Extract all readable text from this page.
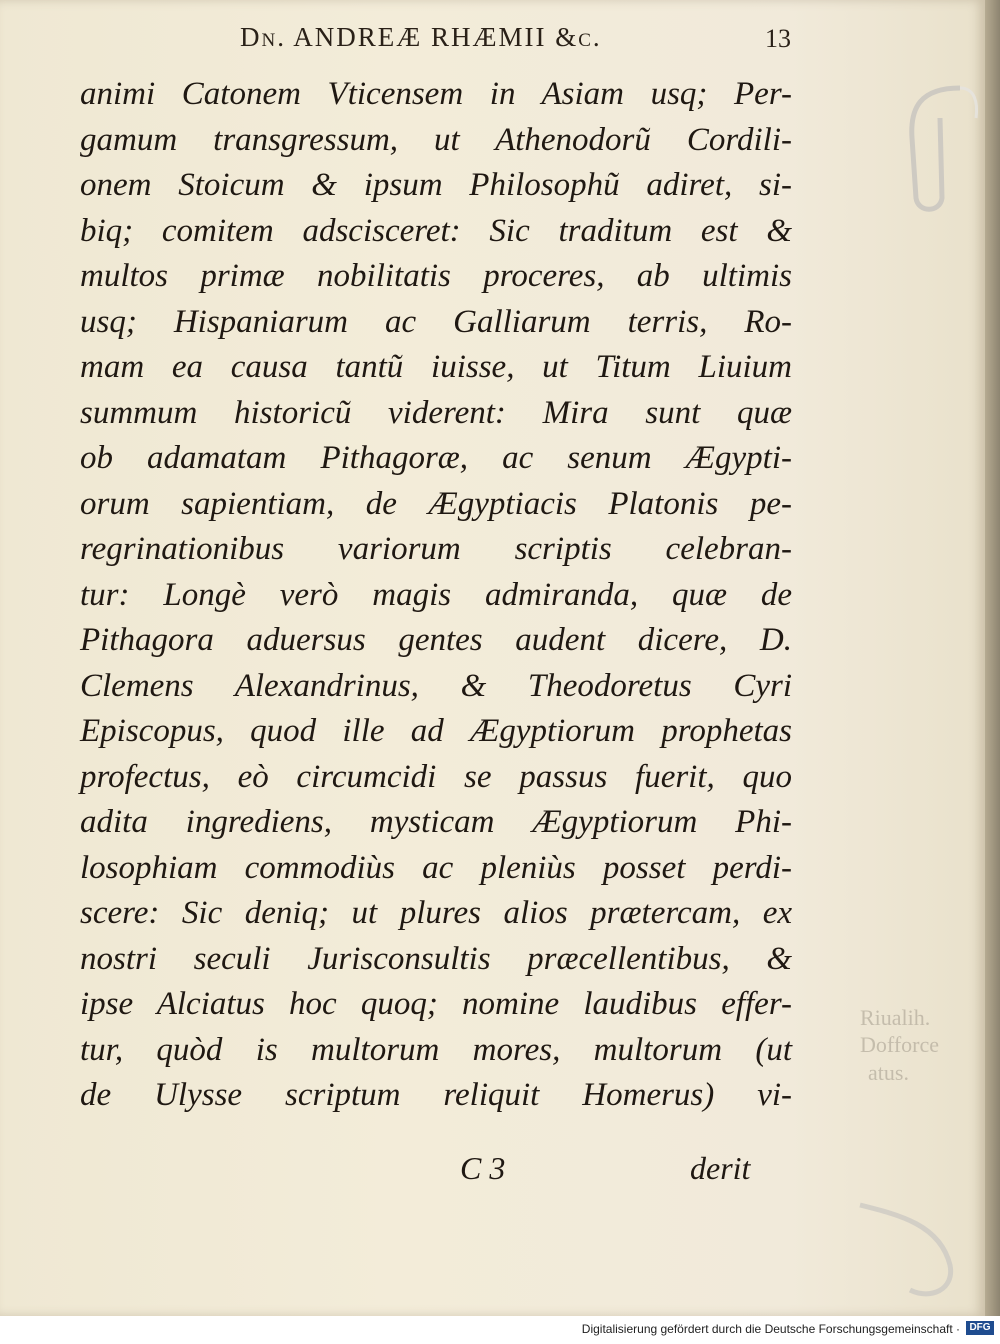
Dn. ANDREÆ RHÆMII &c.	13
animi Catonem Vticensem in Asiam usq; Per-
gamum transgressum, ut Athenodorũ Cordili-
onem Stoicum & ipsum Philosophũ adiret, si-
biq; comitem adscisceret: Sic traditum est &
multos primæ nobilitatis proceres, ab ultimis
usq; Hispaniarum ac Galliarum terris, Ro-
mam ea causa tantũ iuisse, ut Titum Liuium
summum historicũ viderent: Mira sunt quæ
ob adamatam Pithagoræ, ac senum Ægypti-
orum sapientiam, de Ægyptiacis Platonis pe-
regrinationibus variorum scriptis celebran-
tur: Longè verò magis admiranda, quæ de
Pithagora aduersus gentes audent dicere, D.
Clemens Alexandrinus, & Theodoretus Cyri
Episcopus, quod ille ad Ægyptiorum prophetas
profectus, eò circumcidi se passus fuerit, quo
adita ingrediens, mysticam Ægyptiorum Phi-
losophiam commodiùs ac pleniùs posset perdi-
scere: Sic deniq; ut plures alios prætercam, ex
nostri seculi Jurisconsultis præcellentibus, &
ipse Alciatus hoc quoq; nomine laudibus effer-
tur, quòd is multorum mores, multorum (ut
de Ulysse scriptum reliquit Homerus) vi-
C 3	derit
Riualih.
Dofforce
atus.
Digitalisierung gefördert durch die Deutsche Forschungsgemeinschaft · DFG
